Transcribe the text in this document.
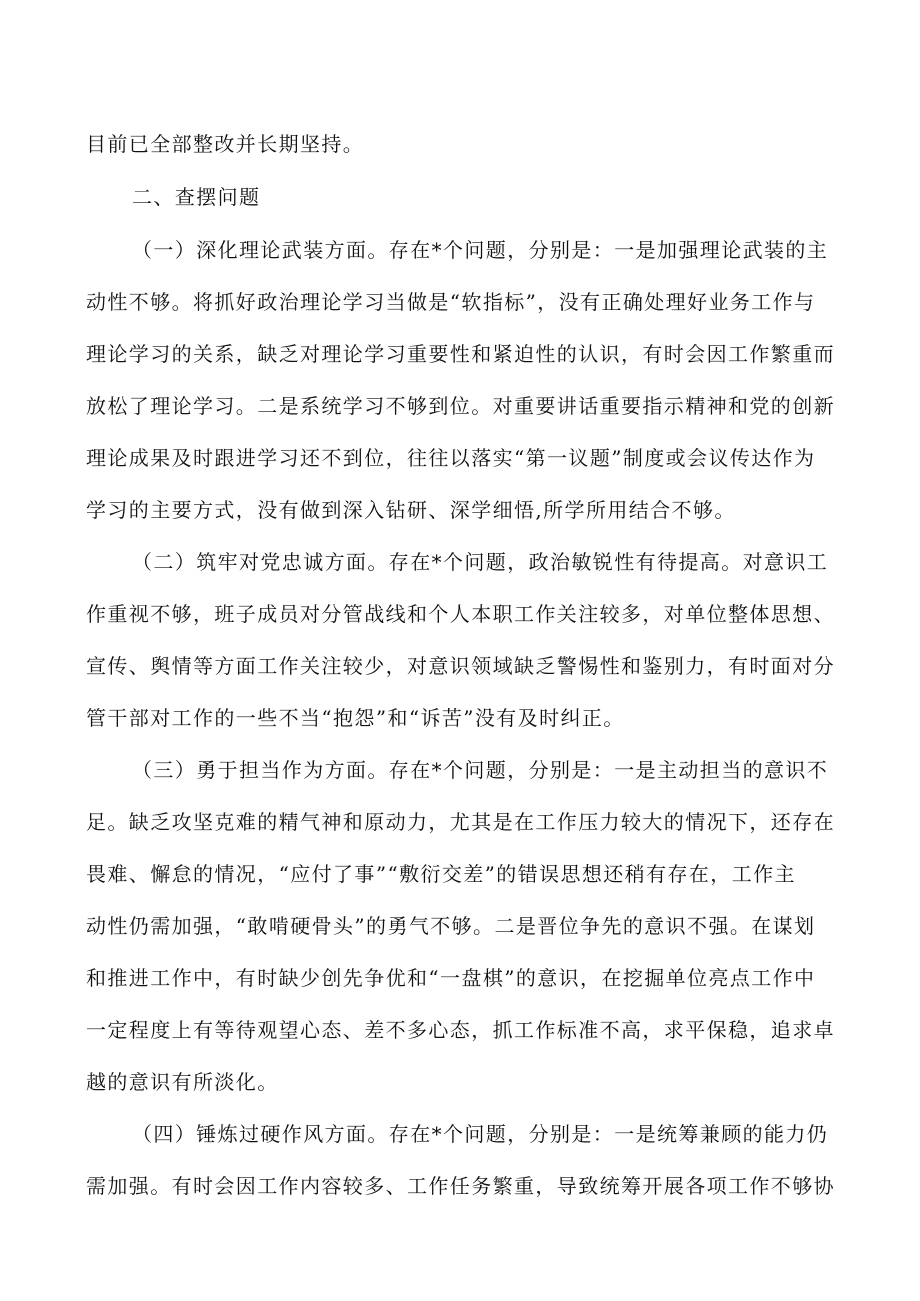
目前已全部整改并长期坚持。
二、查摆问题
（一）深化理论武装方面。存在*个问题，分别是：一是加强理论武装的主
动性不够。将抓好政治理论学习当做是“软指标”，没有正确处理好业务工作与
理论学习的关系，缺乏对理论学习重要性和紧迫性的认识，有时会因工作繁重而
放松了理论学习。二是系统学习不够到位。对重要讲话重要指示精神和党的创新
理论成果及时跟进学习还不到位，往往以落实“第一议题”制度或会议传达作为
学习的主要方式，没有做到深入钻研、深学细悟,所学所用结合不够。
（二）筑牢对党忠诚方面。存在*个问题，政治敏锐性有待提高。对意识工
作重视不够，班子成员对分管战线和个人本职工作关注较多，对单位整体思想、
宣传、舆情等方面工作关注较少，对意识领域缺乏警惕性和鉴别力，有时面对分
管干部对工作的一些不当“抱怨”和“诉苦”没有及时纠正。
（三）勇于担当作为方面。存在*个问题，分别是：一是主动担当的意识不
足。缺乏攻坚克难的精气神和原动力，尤其是在工作压力较大的情况下，还存在
畏难、懈怠的情况，“应付了事”“敷衍交差”的错误思想还稍有存在，工作主
动性仍需加强，“敢啃硬骨头”的勇气不够。二是晋位争先的意识不强。在谋划
和推进工作中，有时缺少创先争优和“一盘棋”的意识，在挖掘单位亮点工作中
一定程度上有等待观望心态、差不多心态，抓工作标准不高，求平保稳，追求卓
越的意识有所淡化。
（四）锤炼过硬作风方面。存在*个问题，分别是：一是统筹兼顾的能力仍
需加强。有时会因工作内容较多、工作任务繁重，导致统筹开展各项工作不够协
